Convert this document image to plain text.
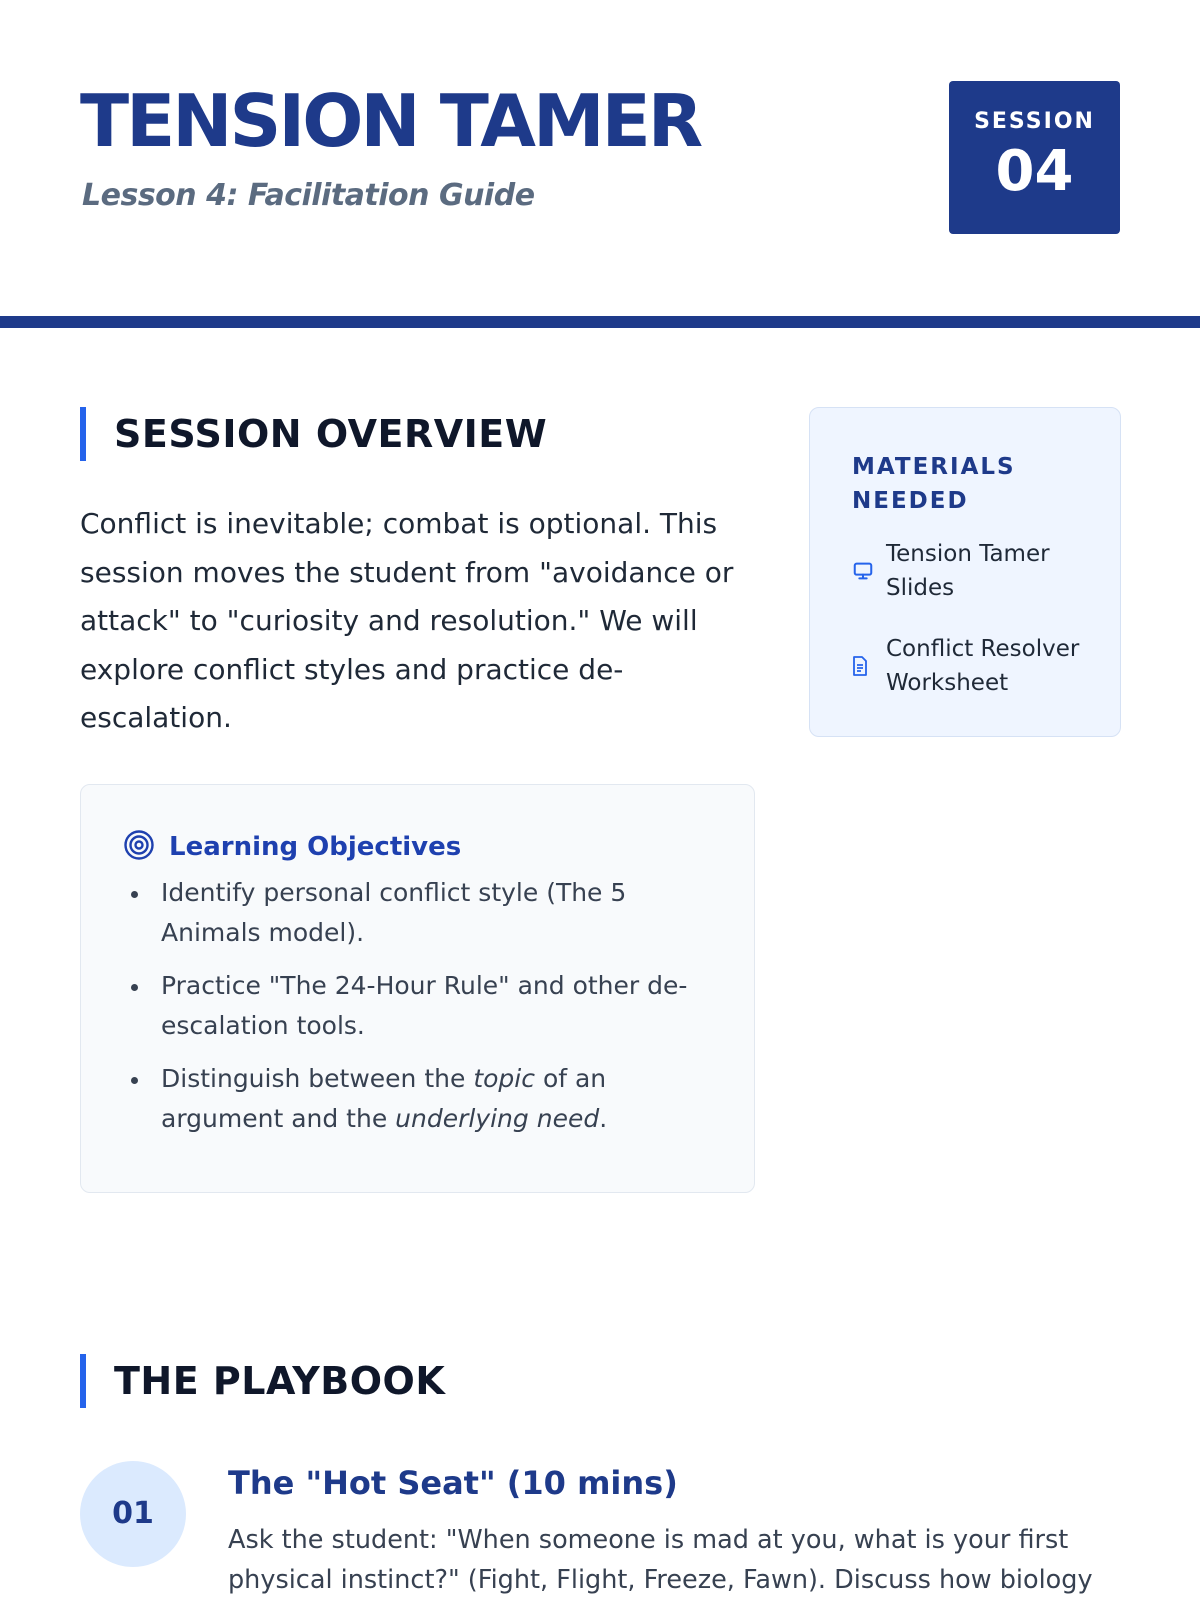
TENSION TAMER
Lesson 4: Facilitation Guide
SESSION
04
SESSION OVERVIEW

Conflict is inevitable; combat is optional. This session moves the student from "avoidance or attack" to "curiosity and resolution." We will explore conflict styles and practice de-escalation.

MATERIALS NEEDED
Tension Tamer Slides
Conflict Resolver Worksheet
Learning Objectives
Identify personal conflict style (The 5 Animals model).
Practice "The 24-Hour Rule" and other de-escalation tools.
Distinguish between the topic of an argument and the underlying need.
THE PLAYBOOK
01
The "Hot Seat" (10 mins)

Ask the student: "When someone is mad at you, what is your first physical instinct?" (Fight, Flight, Freeze, Fawn). Discuss how biology
